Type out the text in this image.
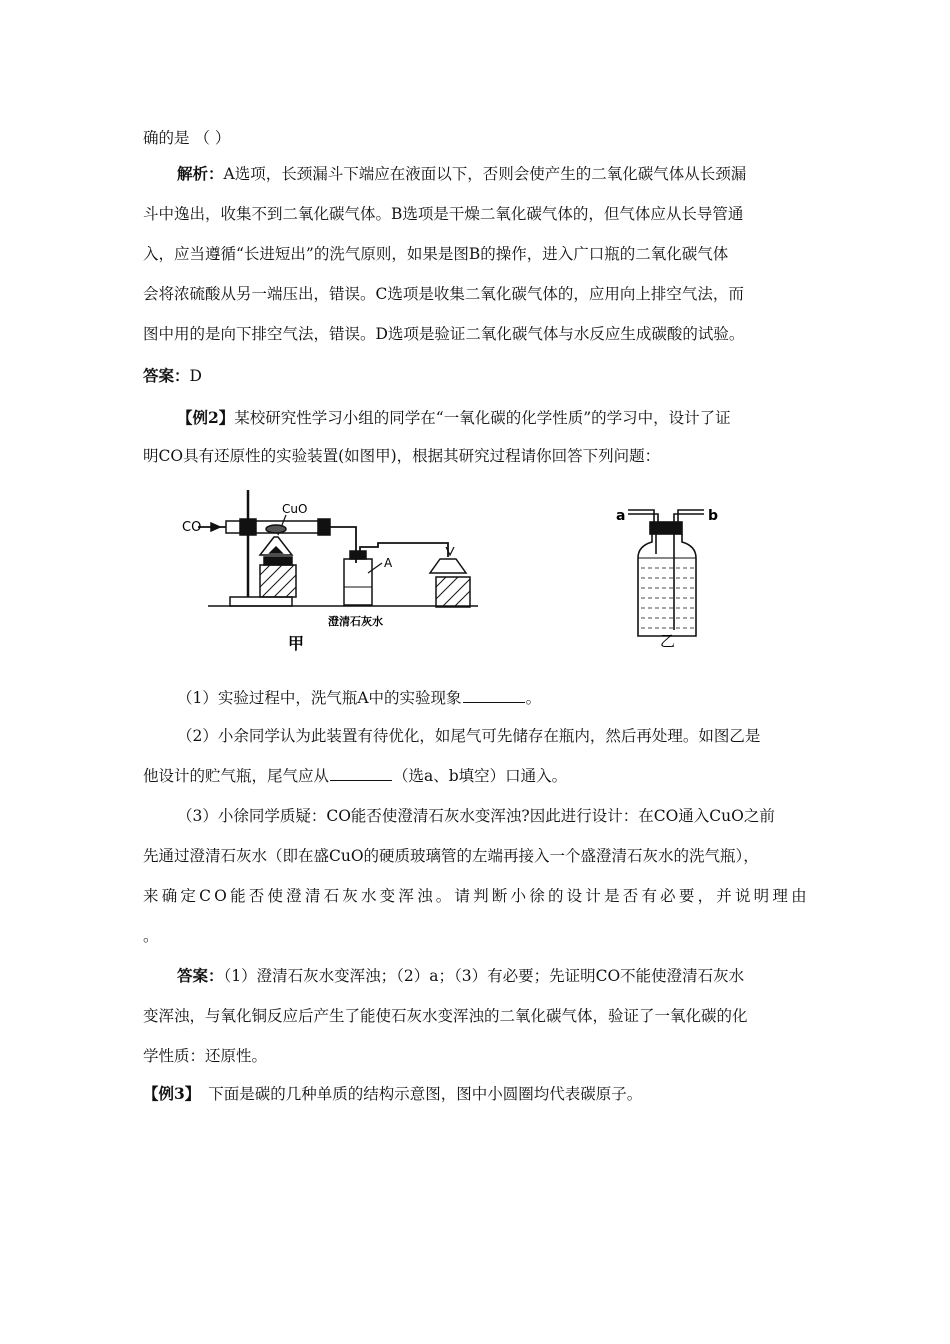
确的是 （ ）
解析：A选项，长颈漏斗下端应在液面以下，否则会使产生的二氧化碳气体从长颈漏
斗中逸出，收集不到二氧化碳气体。B选项是干燥二氧化碳气体的，但气体应从长导管通
入，应当遵循“长进短出”的洗气原则，如果是图B的操作，进入广口瓶的二氧化碳气体
会将浓硫酸从另一端压出，错误。C选项是收集二氧化碳气体的，应用向上排空气法，而
图中用的是向下排空气法，错误。D选项是验证二氧化碳气体与水反应生成碳酸的试验。
答案：D
【例2】某校研究性学习小组的同学在“一氧化碳的化学性质”的学习中，设计了证
明CO具有还原性的实验装置(如图甲)，根据其研究过程请你回答下列问题：
CO
CuO
A
澄清石灰水
甲
a	b
乙
（1）实验过程中，洗气瓶A中的实验现象	。
（2）小余同学认为此装置有待优化，如尾气可先储存在瓶内，然后再处理。如图乙是
他设计的贮气瓶，尾气应从	（选a、b填空）口通入。
（3）小徐同学质疑：CO能否使澄清石灰水变浑浊?因此进行设计：在CO通入CuO之前
先通过澄清石灰水（即在盛CuO的硬质玻璃管的左端再接入一个盛澄清石灰水的洗气瓶），
来确定CO能否使澄清石灰水变浑浊。请判断小徐的设计是否有必要，并说明理由
。
答案：（1）澄清石灰水变浑浊；（2）a；（3）有必要；先证明CO不能使澄清石灰水
变浑浊，与氧化铜反应后产生了能使石灰水变浑浊的二氧化碳气体，验证了一氧化碳的化
学性质：还原性。
【例3】 下面是碳的几种单质的结构示意图，图中小圆圈均代表碳原子。
